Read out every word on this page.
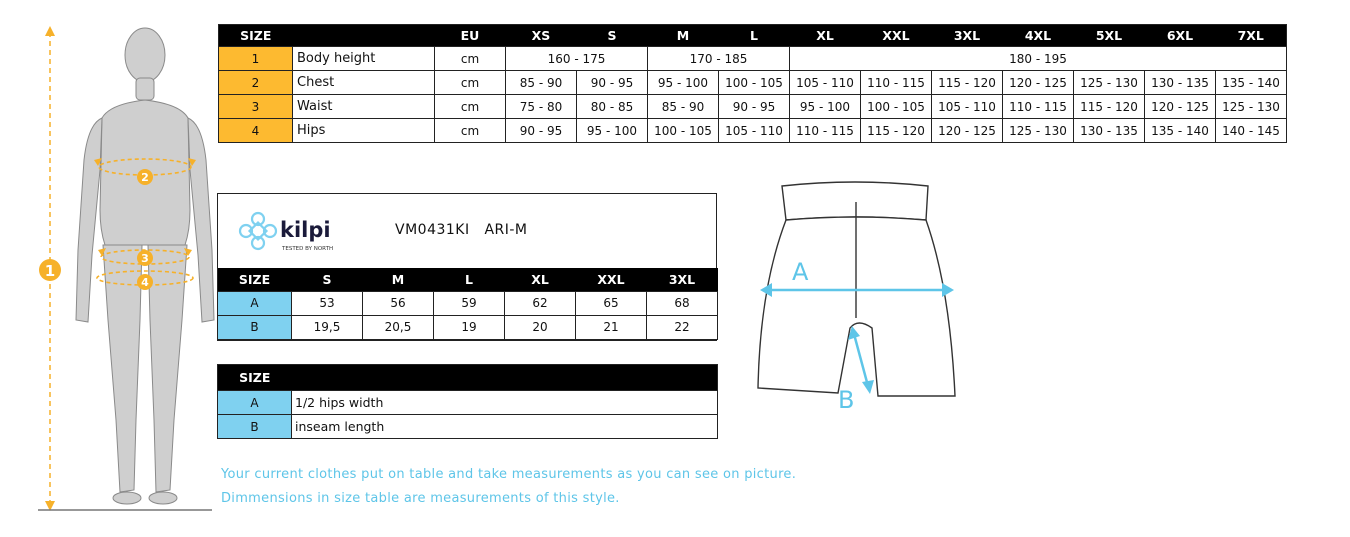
1
2
3
4
SIZE		EU	XS	S	M	L	XL	XXL	3XL	4XL	5XL	6XL	7XL
1	Body height	cm	160 - 175		170 - 185		180 - 195						
2	Chest	cm	85 - 90	90 - 95	95 - 100	100 - 105	105 - 110	110 - 115	115 - 120	120 - 125	125 - 130	130 - 135	135 - 140
3	Waist	cm	75 - 80	80 - 85	85 - 90	90 - 95	95 - 100	100 - 105	105 - 110	110 - 115	115 - 120	120 - 125	125 - 130
4	Hips	cm	90 - 95	95 - 100	100 - 105	105 - 110	110 - 115	115 - 120	120 - 125	125 - 130	130 - 135	135 - 140	140 - 145
kilpi
TESTED BY NORTH
VM0431KI   ARI-M
SIZE	S	M	L	XL	XXL	3XL
A	53	56	59	62	65	68
B	19,5	20,5	19	20	21	22
SIZE					
A	1/2 hips width				
B	inseam length				
A
B
Your current clothes put on table and take measurements as you can see on picture.
Dimmensions in size table are measurements of this style.
